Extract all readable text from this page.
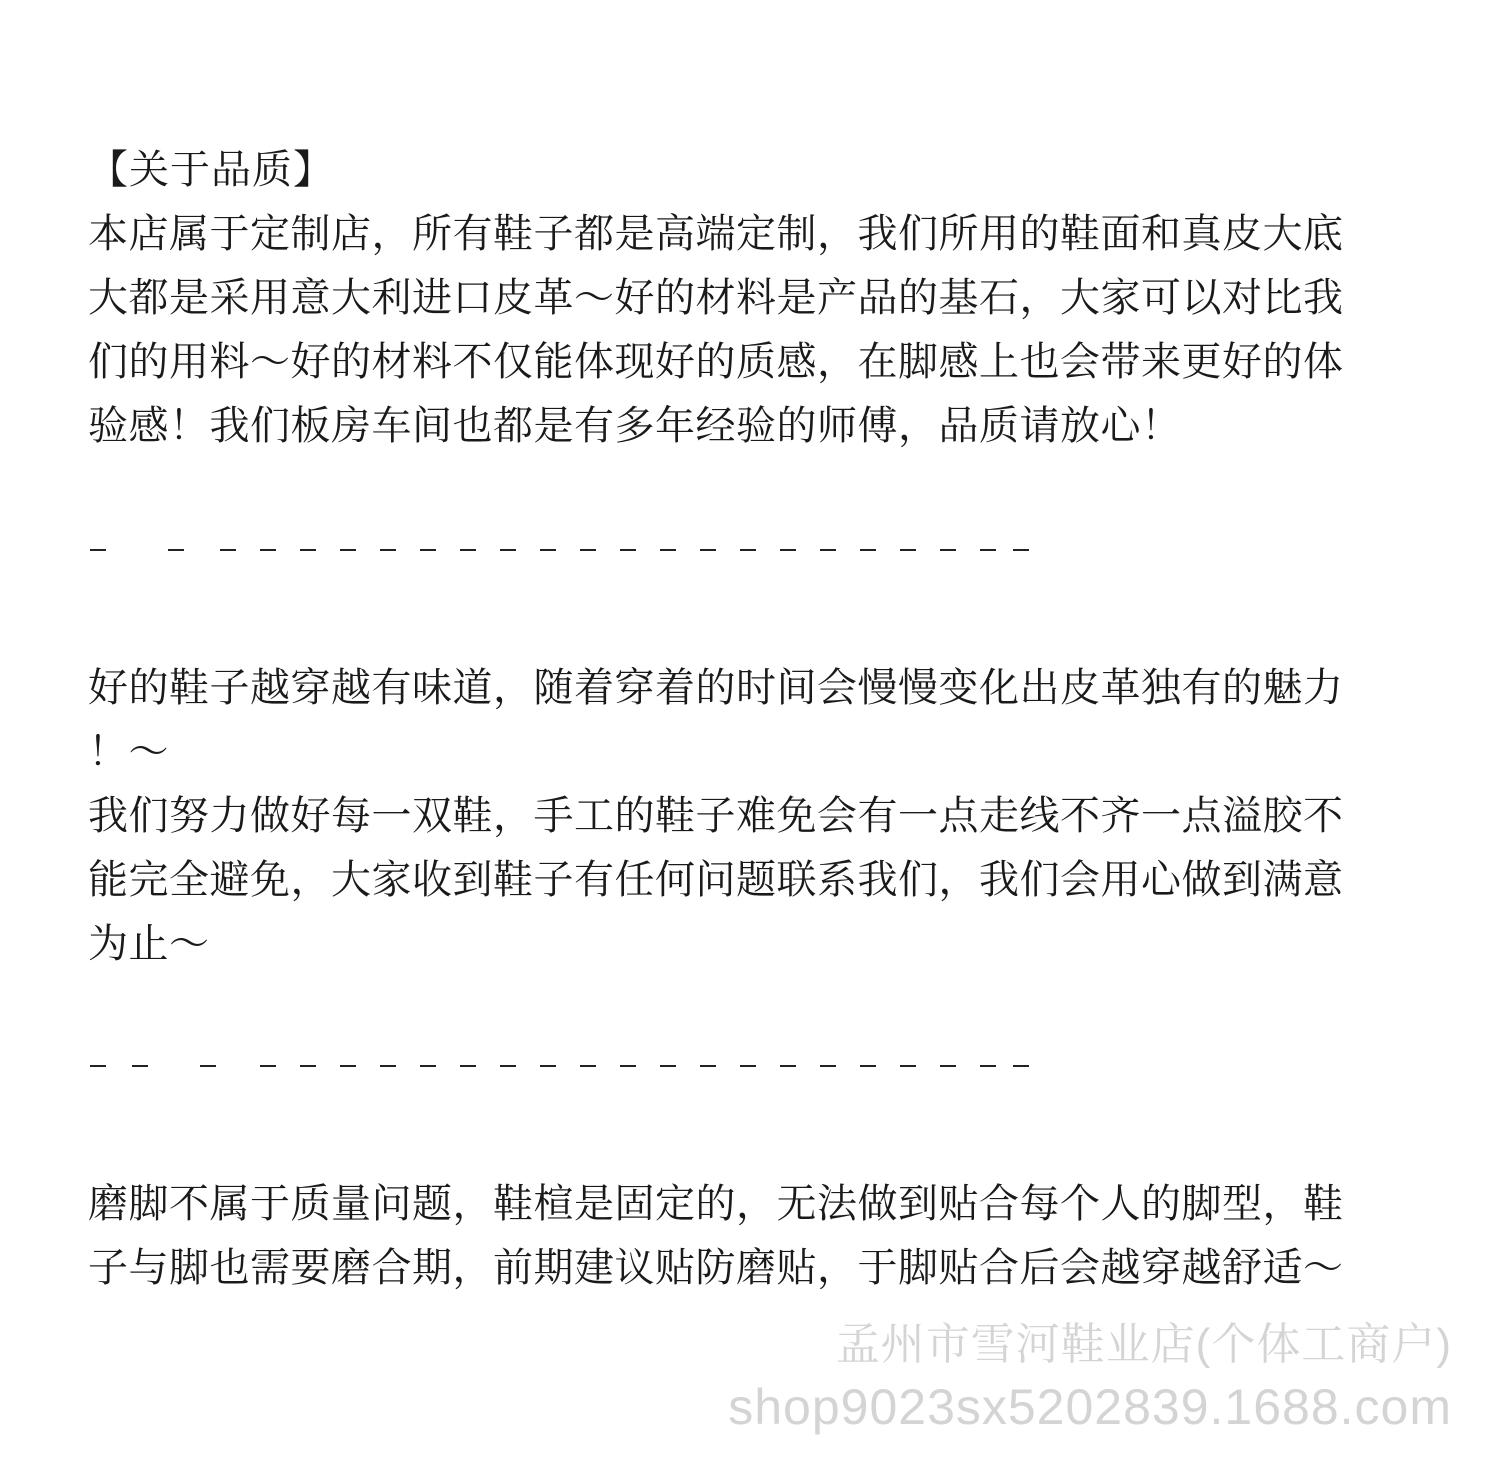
【关于品质】
本店属于定制店，所有鞋子都是高端定制，我们所用的鞋面和真皮大底
大都是采用意大利进口皮革～好的材料是产品的基石，大家可以对比我
们的用料～好的材料不仅能体现好的质感，在脚感上也会带来更好的体
验感！我们板房车间也都是有多年经验的师傅，品质请放心！
好的鞋子越穿越有味道，随着穿着的时间会慢慢变化出皮革独有的魅力
！～
我们努力做好每一双鞋，手工的鞋子难免会有一点走线不齐一点溢胶不
能完全避免，大家收到鞋子有任何问题联系我们，我们会用心做到满意
为止～
磨脚不属于质量问题，鞋楦是固定的，无法做到贴合每个人的脚型，鞋
子与脚也需要磨合期，前期建议贴防磨贴，于脚贴合后会越穿越舒适～
孟州市雪河鞋业店(个体工商户)
shop9023sx5202839.1688.com
